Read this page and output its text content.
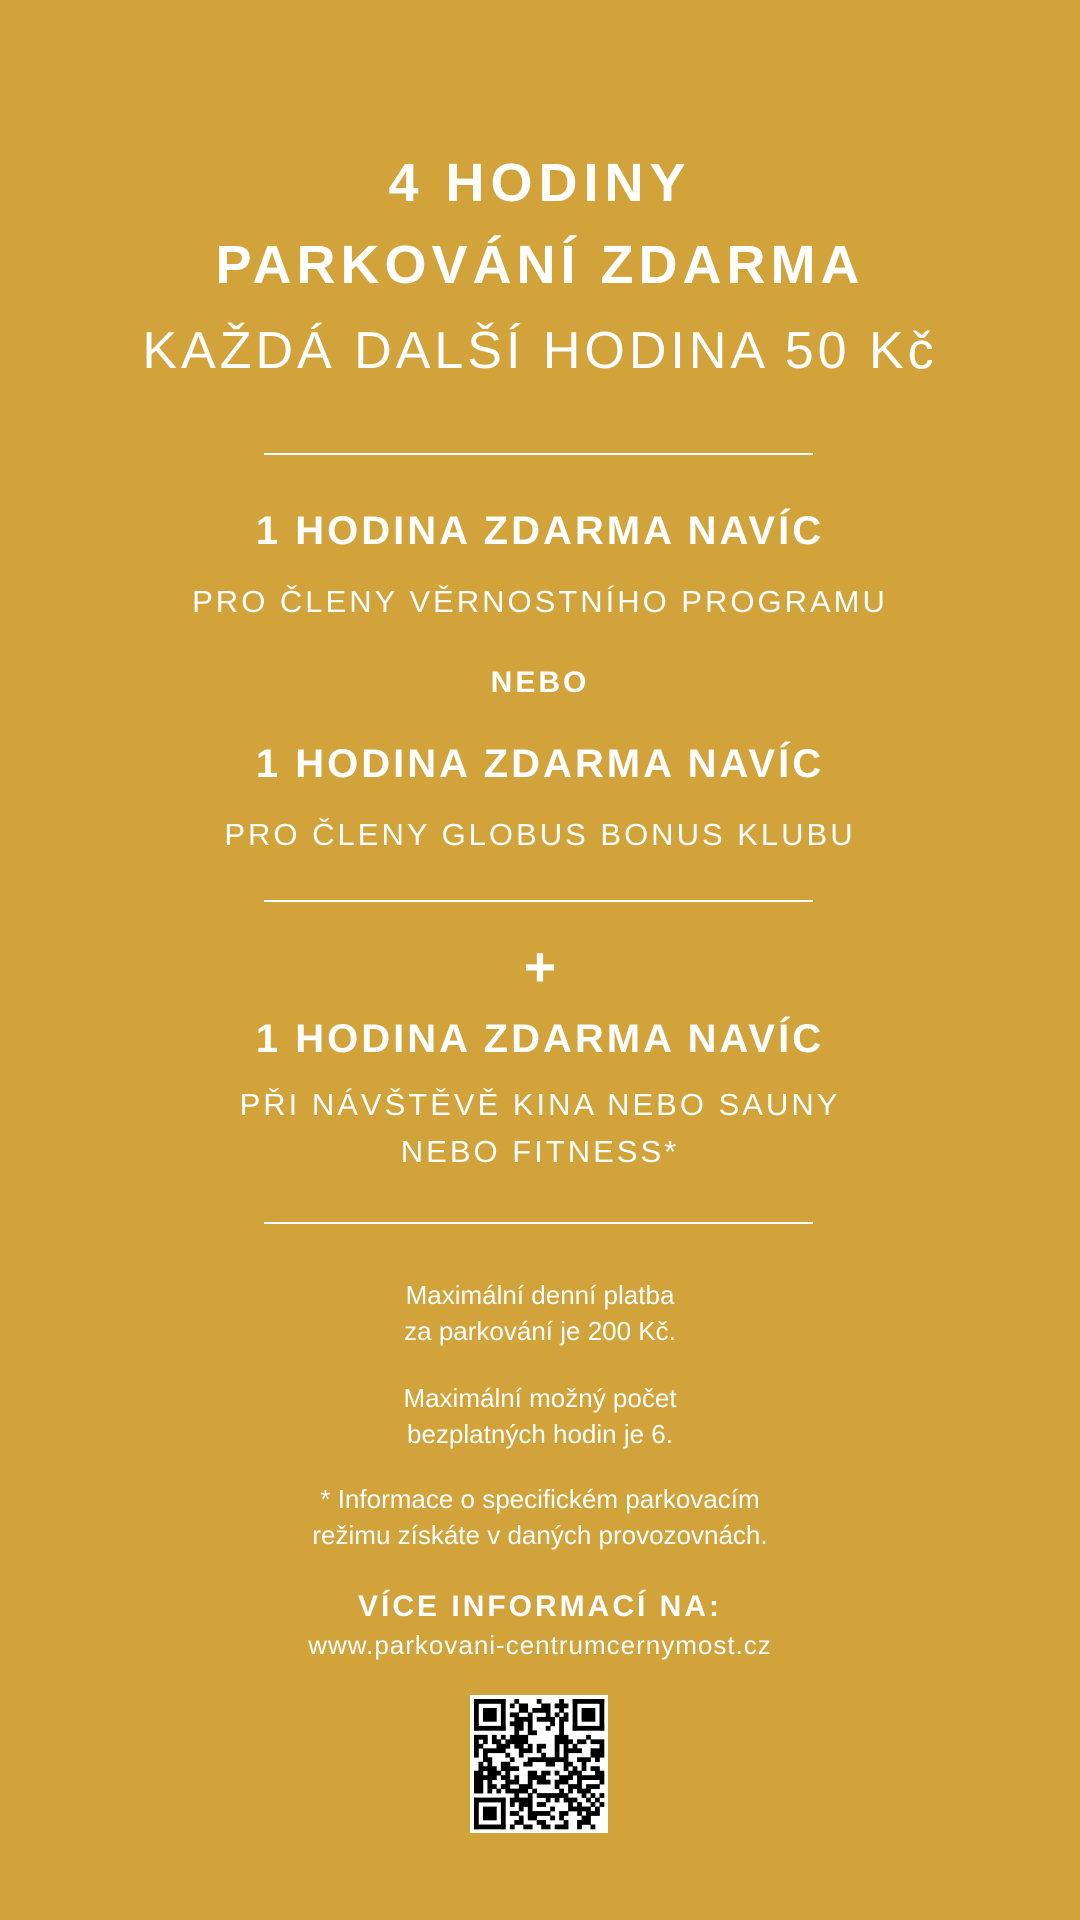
4 HODINY
PARKOVÁNÍ ZDARMA
KAŽDÁ DALŠÍ HODINA 50 Kč
1 HODINA ZDARMA NAVÍC
PRO ČLENY VĚRNOSTNÍHO PROGRAMU
NEBO
1 HODINA ZDARMA NAVÍC
PRO ČLENY GLOBUS BONUS KLUBU
+
1 HODINA ZDARMA NAVÍC
PŘI NÁVŠTĚVĚ KINA NEBO SAUNY
NEBO FITNESS*
Maximální denní platba
za parkování je 200 Kč.
Maximální možný počet
bezplatných hodin je 6.
* Informace o specifickém parkovacím
režimu získáte v daných provozovnách.
VÍCE INFORMACÍ NA:
www.parkovani-centrumcernymost.cz
